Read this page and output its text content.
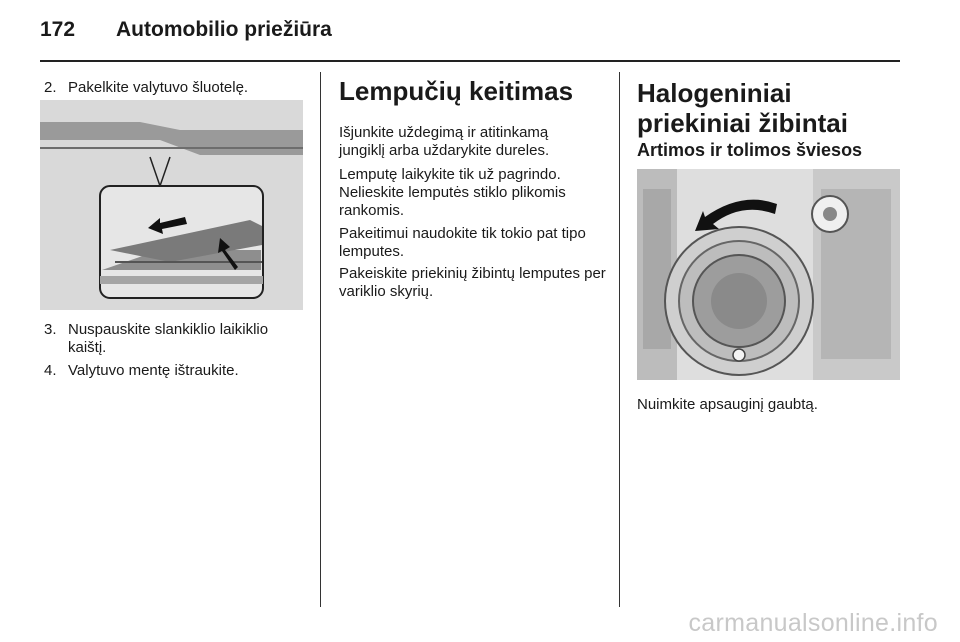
172 Automobilio priežiūra
2. Pakelkite valytuvo šluotelę.
3. Nuspauskite slankiklio laikiklio kaištį.
4. Valytuvo mentę ištraukite.
Lempučių keitimas
Išjunkite uždegimą ir atitinkamą jungiklį arba uždarykite dureles.
Lemputę laikykite tik už pagrindo. Nelieskite lemputės stiklo plikomis rankomis.
Pakeitimui naudokite tik tokio pat tipo lemputes.
Pakeiskite priekinių žibintų lemputes per variklio skyrių.
Halogeniniai priekiniai žibintai
Artimos ir tolimos šviesos
Nuimkite apsauginį gaubtą.
carmanualsonline.info
